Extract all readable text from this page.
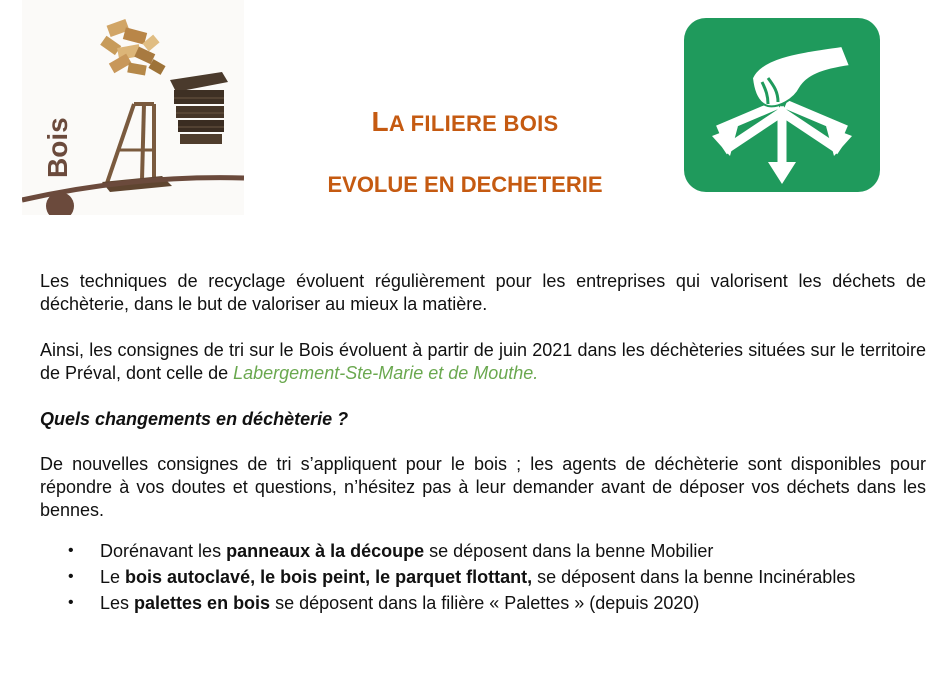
Bois	LA FILIERE BOIS
EVOLUE EN DECHETERIE

Les techniques de recyclage évoluent régulièrement pour les entreprises qui valorisent les déchets de déchèterie, dans le but de valoriser au mieux la matière.

Ainsi, les consignes de tri sur le Bois évoluent à partir de juin 2021 dans les déchèteries situées sur le territoire de Préval, dont celle de Labergement-Ste-Marie et de Mouthe.

Quels changements en déchèterie ?

De nouvelles consignes de tri s’appliquent pour le bois ; les agents de déchèterie sont disponibles pour répondre à vos doutes et questions, n’hésitez pas à leur demander avant de déposer vos déchets dans les bennes.

• Dorénavant les panneaux à la découpe se déposent dans la benne Mobilier
• Le bois autoclavé, le bois peint, le parquet flottant, se déposent dans la benne Incinérables
• Les palettes en bois se déposent dans la filière « Palettes » (depuis 2020)
